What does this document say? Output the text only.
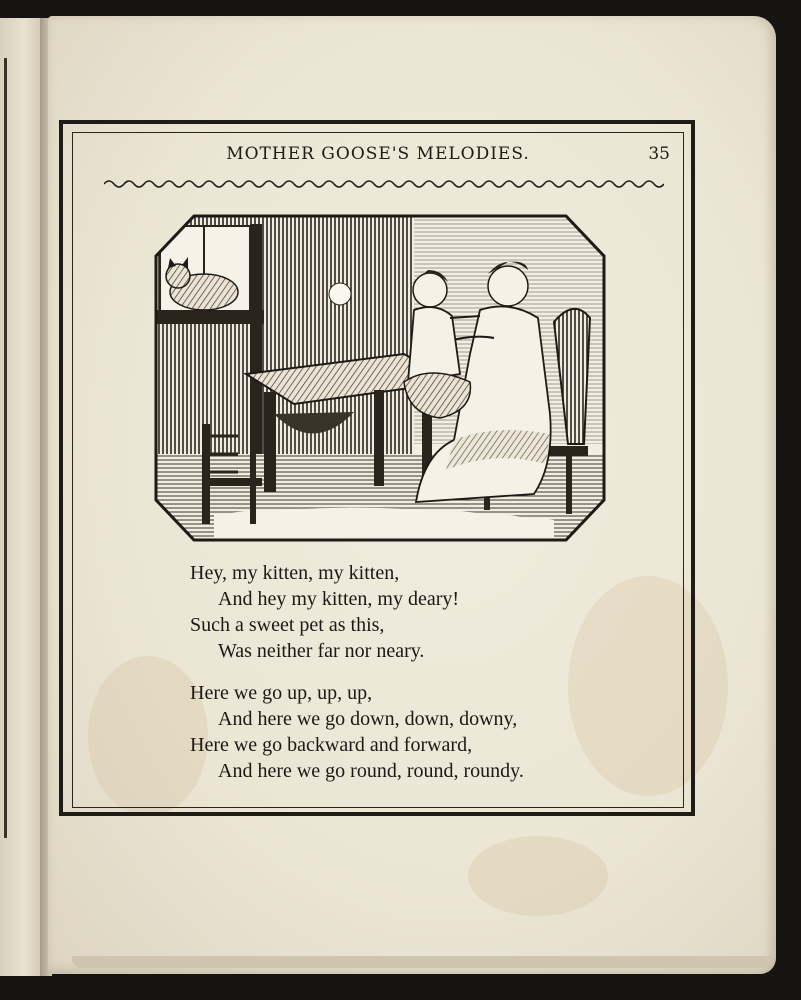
MOTHER GOOSE'S MELODIES.	35
Hey, my kitten, my kitten,
And hey my kitten, my deary!
Such a sweet pet as this,
Was neither far nor neary.
Here we go up, up, up,
And here we go down, down, downy,
Here we go backward and forward,
And here we go round, round, roundy.
